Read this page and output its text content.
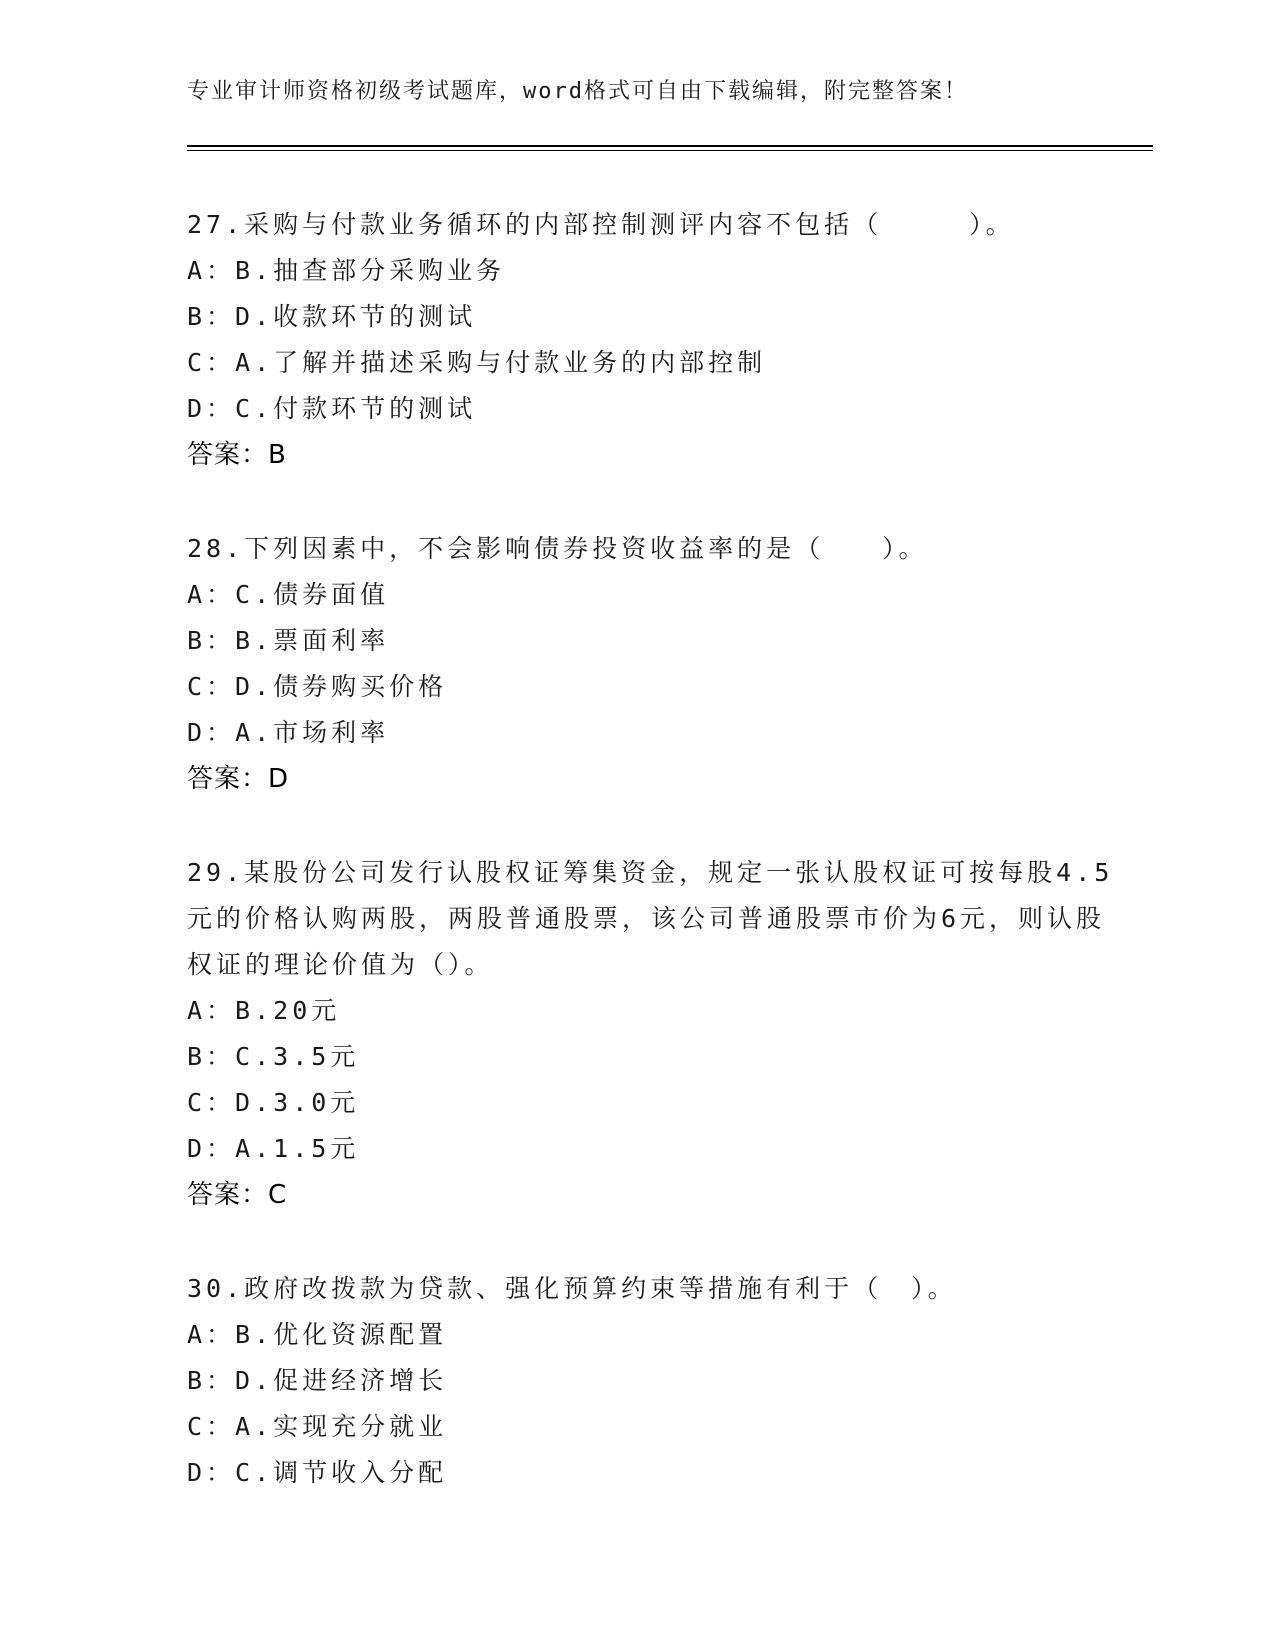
专业审计师资格初级考试题库，word格式可自由下载编辑，附完整答案！

27.采购与付款业务循环的内部控制测评内容不包括（　　　）。

A：B.抽查部分采购业务

B：D.收款环节的测试

C：A.了解并描述采购与付款业务的内部控制

D：C.付款环节的测试

答案：B

28.下列因素中，不会影响债券投资收益率的是（　　）。

A：C.债券面值

B：B.票面利率

C：D.债券购买价格

D：A.市场利率

答案：D

29.某股份公司发行认股权证筹集资金，规定一张认股权证可按每股4.5元的价格认购两股，两股普通股票，该公司普通股票市价为6元，则认股权证的理论价值为（）。

A：B.20元

B：C.3.5元

C：D.3.0元

D：A.1.5元

答案：C

30.政府改拨款为贷款、强化预算约束等措施有利于（　）。

A：B.优化资源配置

B：D.促进经济增长

C：A.实现充分就业

D：C.调节收入分配
